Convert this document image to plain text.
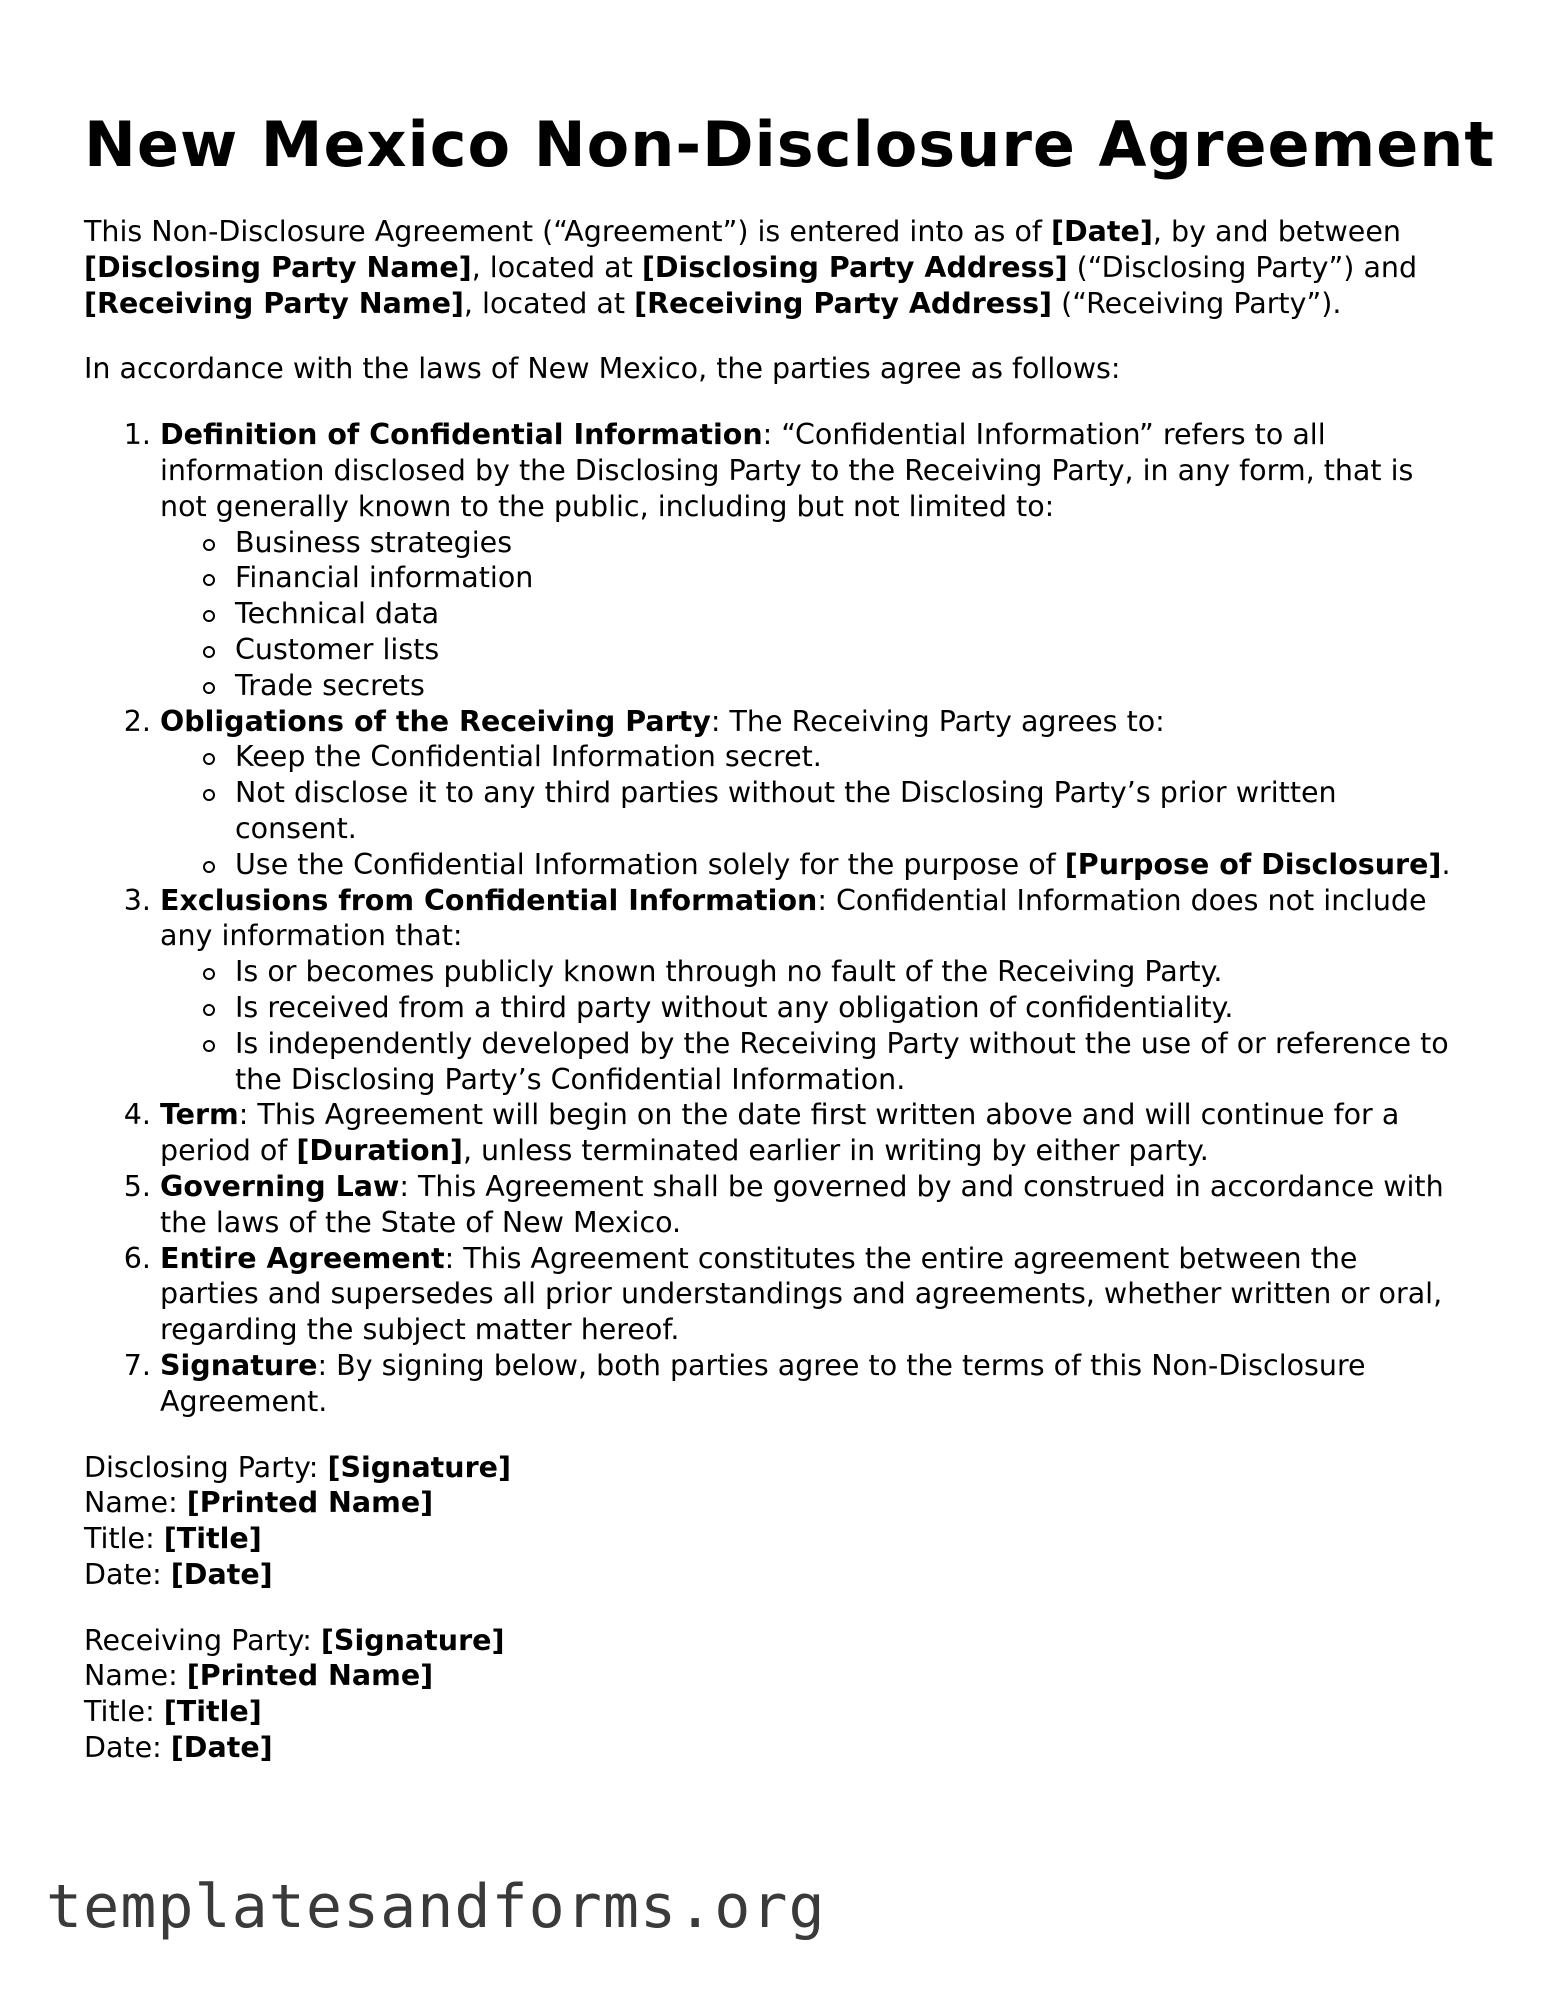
New Mexico Non-Disclosure Agreement

This Non-Disclosure Agreement (“Agreement”) is entered into as of [Date], by and between [Disclosing Party Name], located at [Disclosing Party Address] (“Disclosing Party”) and [Receiving Party Name], located at [Receiving Party Address] (“Receiving Party”).

In accordance with the laws of New Mexico, the parties agree as follows:

1. Definition of Confidential Information: “Confidential Information” refers to all information disclosed by the Disclosing Party to the Receiving Party, in any form, that is not generally known to the public, including but not limited to:
Business strategies
Financial information
Technical data
Customer lists
Trade secrets
2. Obligations of the Receiving Party: The Receiving Party agrees to:
Keep the Confidential Information secret.
Not disclose it to any third parties without the Disclosing Party’s prior written consent.
Use the Confidential Information solely for the purpose of [Purpose of Disclosure].
3. Exclusions from Confidential Information: Confidential Information does not include any information that:
Is or becomes publicly known through no fault of the Receiving Party.
Is received from a third party without any obligation of confidentiality.
Is independently developed by the Receiving Party without the use of or reference to the Disclosing Party’s Confidential Information.
4. Term: This Agreement will begin on the date first written above and will continue for a period of [Duration], unless terminated earlier in writing by either party.
5. Governing Law: This Agreement shall be governed by and construed in accordance with the laws of the State of New Mexico.
6. Entire Agreement: This Agreement constitutes the entire agreement between the parties and supersedes all prior understandings and agreements, whether written or oral, regarding the subject matter hereof.
7. Signature: By signing below, both parties agree to the terms of this Non-Disclosure Agreement.
Disclosing Party: [Signature]
Name: [Printed Name]
Title: [Title]
Date: [Date]
Receiving Party: [Signature]
Name: [Printed Name]
Title: [Title]
Date: [Date]
templatesandforms.org
